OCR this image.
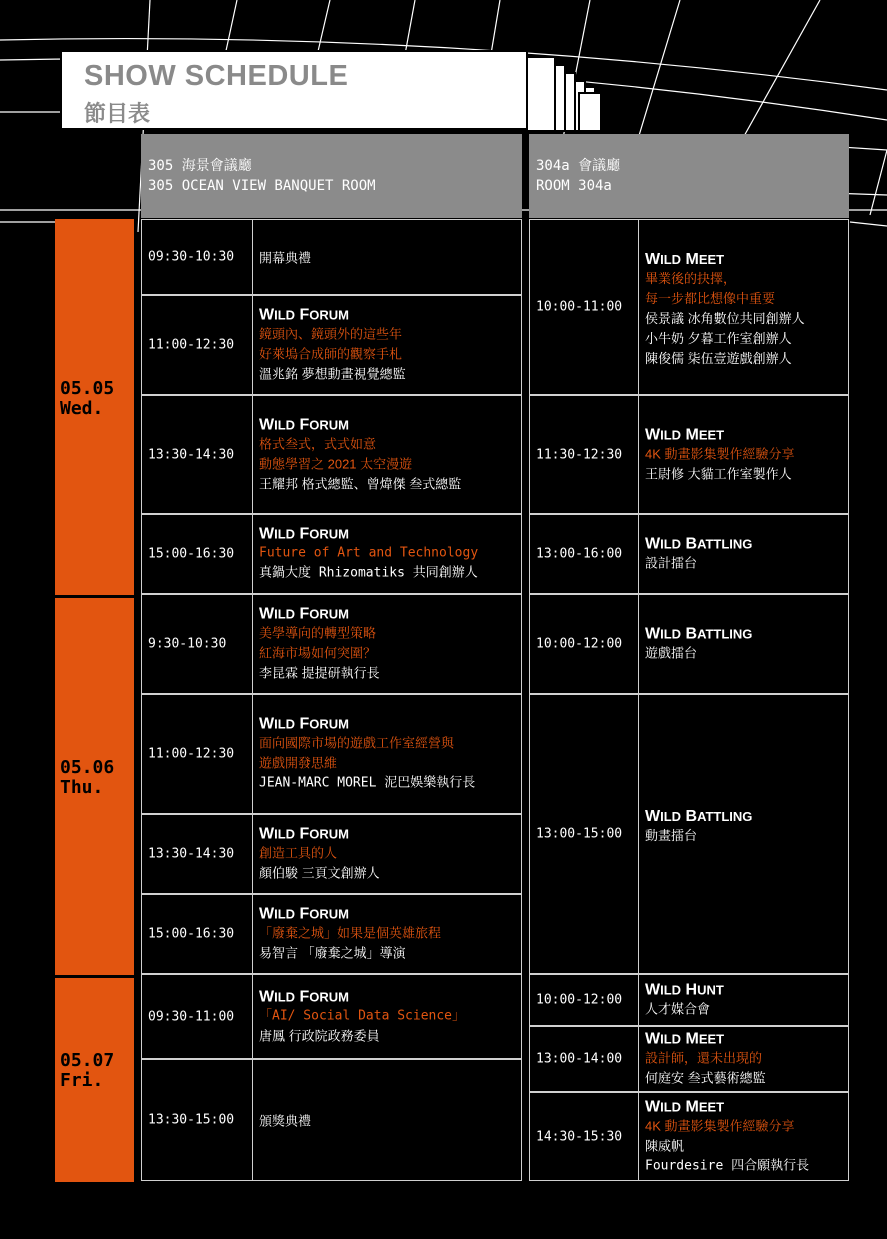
SHOW SCHEDULE
節目表
305 海景會議廳
305 OCEAN VIEW BANQUET ROOM
304a 會議廳
ROOM 304a
05.05
Wed.
05.06
Thu.
05.07
Fri.
09:30-10:30	開幕典禮
11:00-12:30
WILD FORUM
鏡頭內、鏡頭外的這些年
好萊塢合成師的觀察手札
溫兆銘 夢想動畫視覺總監
13:30-14:30
WILD FORUM
格式叁式，式式如意
動態學習之 2021 太空漫遊
王耀邦 格式總監、曾煒傑 叁式總監
15:00-16:30
WILD FORUM
Future of Art and Technology
真鍋大度 Rhizomatiks 共同創辦人
9:30-10:30
WILD FORUM
美學導向的轉型策略
紅海市場如何突圍？
李昆霖 提提研執行長
11:00-12:30
WILD FORUM
面向國際市場的遊戲工作室經營與
遊戲開發思維
JEAN-MARC MOREL 泥巴娛樂執行長
13:30-14:30
WILD FORUM
創造工具的人
顏伯駿 三頁文創辦人
15:00-16:30
WILD FORUM
「廢棄之城」如果是個英雄旅程
易智言 「廢棄之城」導演
09:30-11:00
WILD FORUM
「AI/ Social Data Science」
唐鳳 行政院政務委員
13:30-15:00	頒獎典禮
10:00-11:00
WILD MEET
畢業後的抉擇，
每一步都比想像中重要
侯景議 冰角數位共同創辦人
小牛奶 夕暮工作室創辦人
陳俊儒 柒伍壹遊戲創辦人
11:30-12:30
WILD MEET
4K 動畫影集製作經驗分享
王尉修 大貓工作室製作人
13:00-16:00
WILD BATTLING
設計擂台
10:00-12:00
WILD BATTLING
遊戲擂台
13:00-15:00
WILD BATTLING
動畫擂台
10:00-12:00
WILD HUNT
人才媒合會
13:00-14:00
WILD MEET
設計師，還未出現的
何庭安 叁式藝術總監
14:30-15:30
WILD MEET
4K 動畫影集製作經驗分享
陳威帆
Fourdesire 四合願執行長
